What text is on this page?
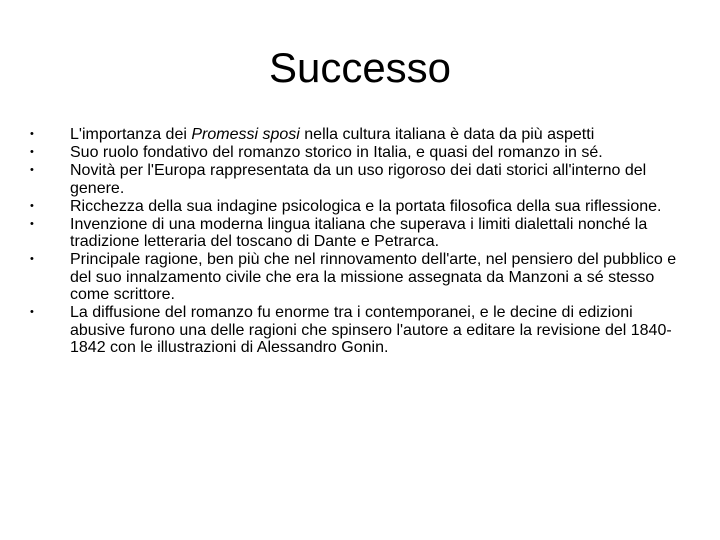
Successo
•	L'importanza dei Promessi sposi nella cultura italiana è data da più aspetti
•	Suo ruolo fondativo del romanzo storico in Italia, e quasi del romanzo in sé.
•	Novità per l'Europa rappresentata da un uso rigoroso dei dati storici all'interno del genere.
•	Ricchezza della sua indagine psicologica e la portata filosofica della sua riflessione.
•	Invenzione di una moderna lingua italiana che superava i limiti dialettali nonché la tradizione letteraria del toscano di Dante e Petrarca.
•	Principale ragione, ben più che nel rinnovamento dell'arte, nel pensiero del pubblico e del suo innalzamento civile che era la missione assegnata da Manzoni a sé stesso come scrittore.
•	La diffusione del romanzo fu enorme tra i contemporanei, e le decine di edizioni abusive furono una delle ragioni che spinsero l'autore a editare la revisione del 1840-1842 con le illustrazioni di Alessandro Gonin.
